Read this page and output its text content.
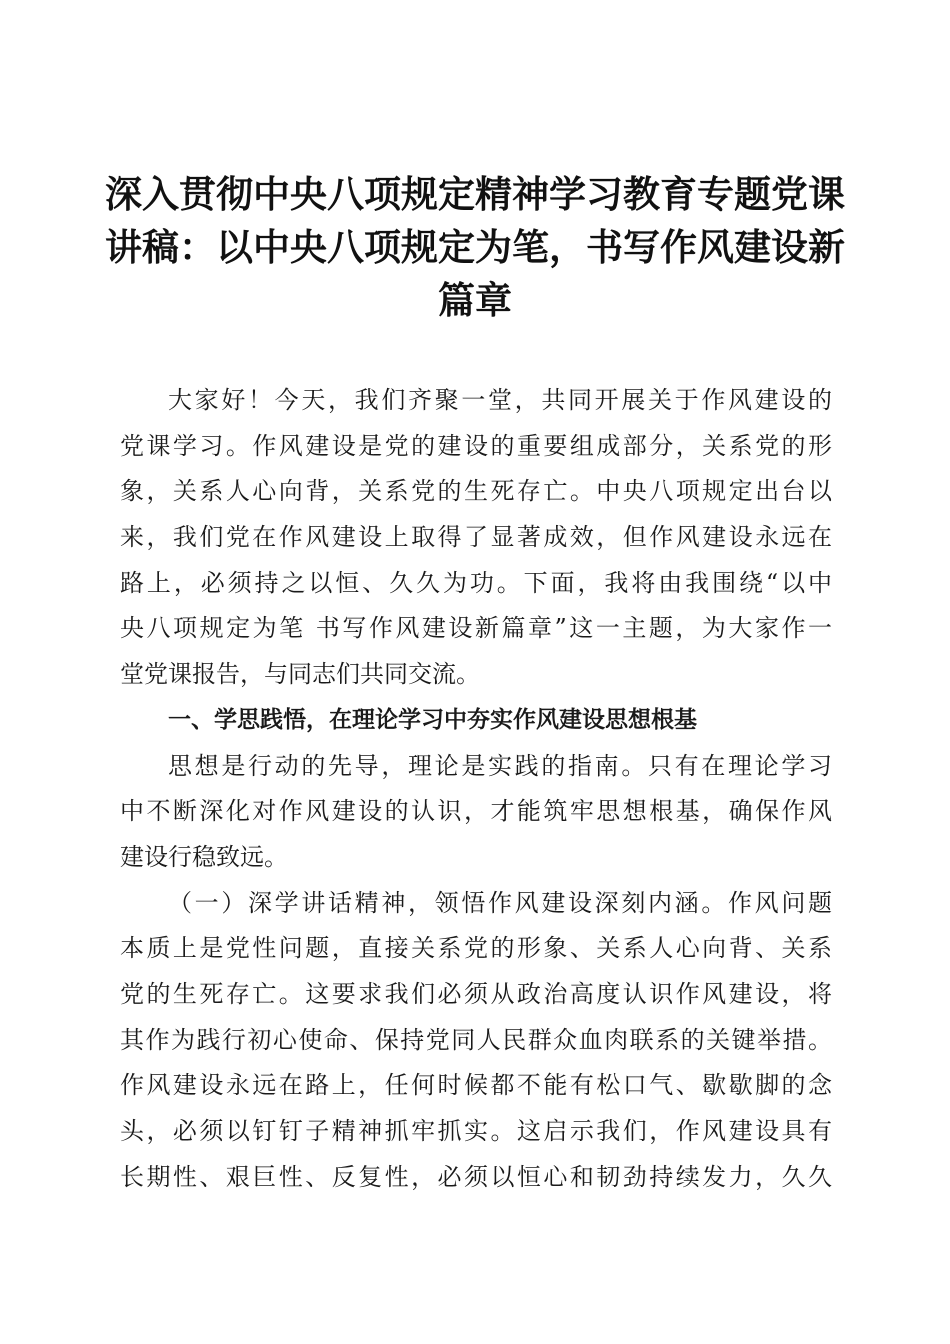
深入贯彻中央八项规定精神学习教育专题党课
讲稿：以中央八项规定为笔，书写作风建设新
篇章
大家好！今天，我们齐聚一堂，共同开展关于作风建设的
党课学习。作风建设是党的建设的重要组成部分，关系党的形
象，关系人心向背，关系党的生死存亡。中央八项规定出台以
来，我们党在作风建设上取得了显著成效，但作风建设永远在
路上，必须持之以恒、久久为功。下面，我将由我围绕“以中
央八项规定为笔 书写作风建设新篇章”这一主题，为大家作一
堂党课报告，与同志们共同交流。
一、学思践悟，在理论学习中夯实作风建设思想根基
思想是行动的先导，理论是实践的指南。只有在理论学习
中不断深化对作风建设的认识，才能筑牢思想根基，确保作风
建设行稳致远。
（一）深学讲话精神，领悟作风建设深刻内涵。作风问题
本质上是党性问题，直接关系党的形象、关系人心向背、关系
党的生死存亡。这要求我们必须从政治高度认识作风建设，将
其作为践行初心使命、保持党同人民群众血肉联系的关键举措。
作风建设永远在路上，任何时候都不能有松口气、歇歇脚的念
头，必须以钉钉子精神抓牢抓实。这启示我们，作风建设具有
长期性、艰巨性、反复性，必须以恒心和韧劲持续发力，久久
